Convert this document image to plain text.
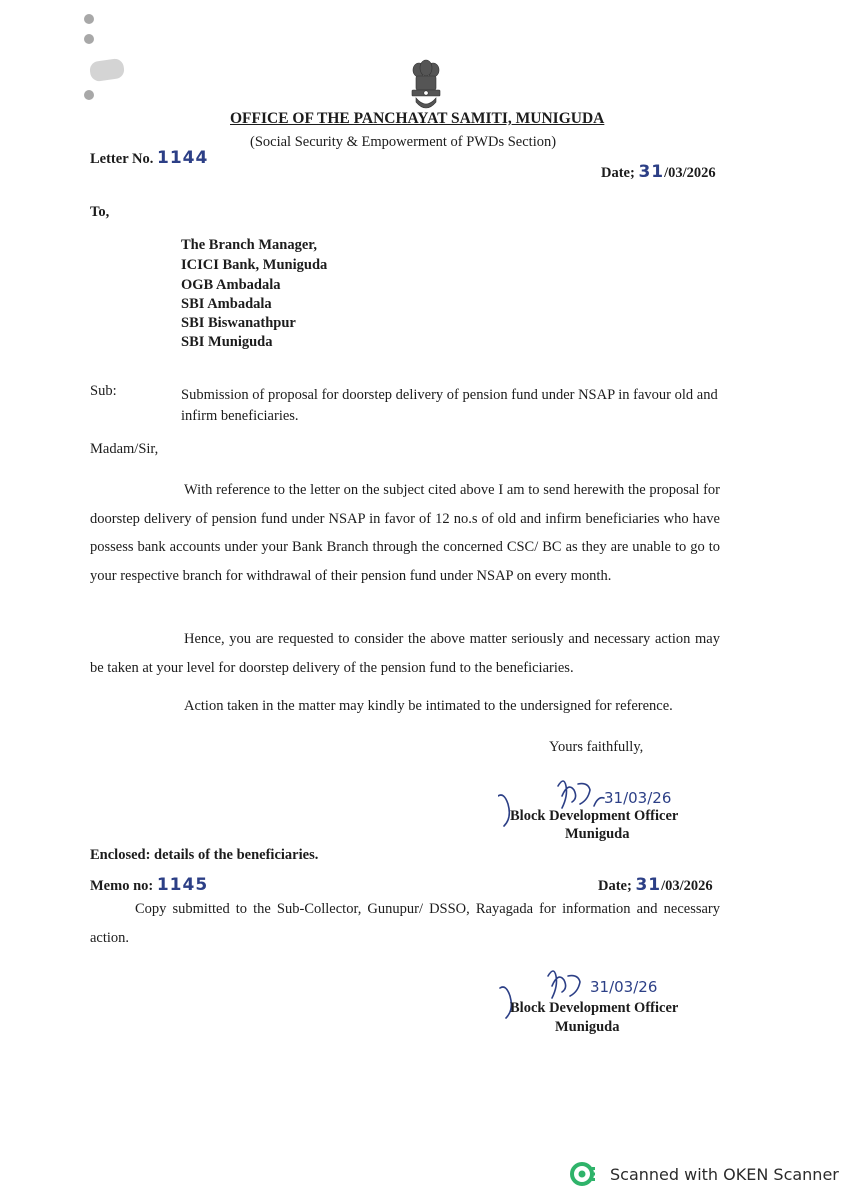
OFFICE OF THE PANCHAYAT SAMITI, MUNIGUDA
(Social Security & Empowerment of PWDs Section)
Letter No. 1144
Date; 31/03/2026
To,
The Branch Manager,
ICICI Bank, Muniguda
OGB Ambadala
SBI Ambadala
SBI Biswanathpur
SBI Muniguda
Sub:	Submission of proposal for doorstep delivery of pension fund under NSAP in favour old and infirm beneficiaries.
Madam/Sir,
With reference to the letter on the subject cited above I am to send herewith the proposal for doorstep delivery of pension fund under NSAP in favor of 12 no.s of old and infirm beneficiaries who have possess bank accounts under your Bank Branch through the concerned CSC/ BC as they are unable to go to your respective branch for withdrawal of their pension fund under NSAP on every month.
Hence, you are requested to consider the above matter seriously and necessary action may be taken at your level for doorstep delivery of the pension fund to the beneficiaries.
Action taken in the matter may kindly be intimated to the undersigned for reference.
Yours faithfully,
31/03/26
Block Development Officer
Muniguda
Enclosed: details of the beneficiaries.
Memo no: 1145	Date; 31/03/2026
Copy submitted to the Sub-Collector, Gunupur/ DSSO, Rayagada for information and necessary action.
31/03/26
Block Development Officer
Muniguda
Scanned with OKEN Scanner
